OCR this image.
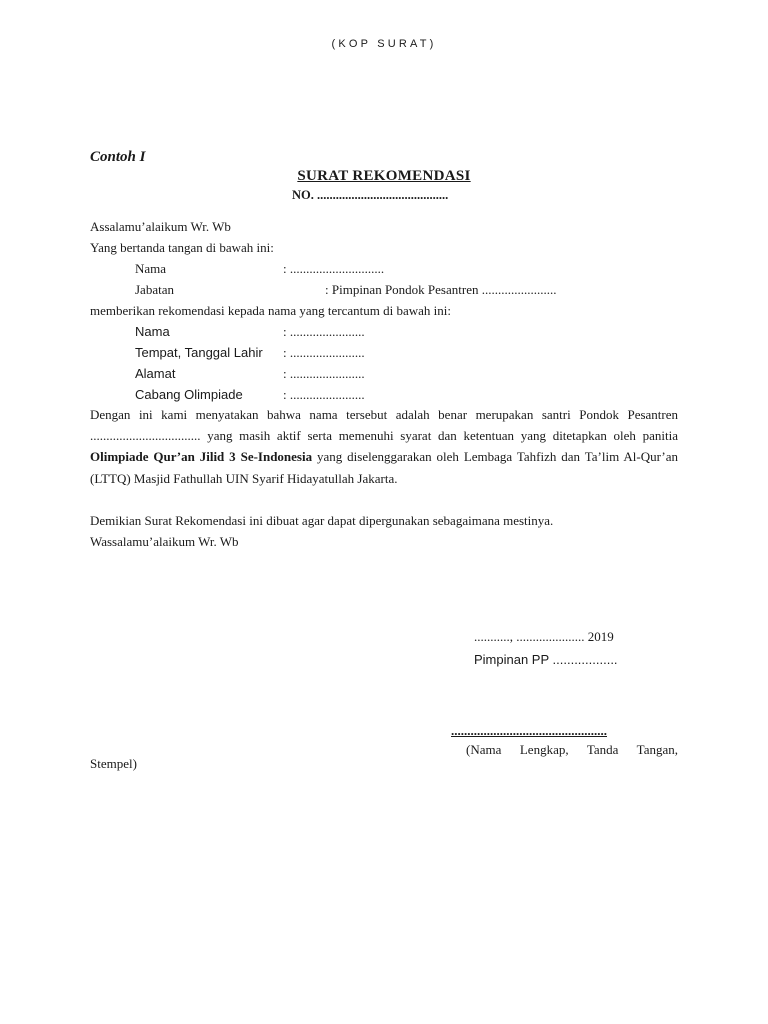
(KOP SURAT)
Contoh I
SURAT REKOMENDASI
NO. ..........................................
Assalamu’alaikum Wr. Wb
Yang bertanda tangan di bawah ini:
Nama	: .............................
Jabatan	: Pimpinan Pondok Pesantren .......................
memberikan rekomendasi kepada nama yang tercantum di bawah ini:
Nama	: .......................
Tempat, Tanggal Lahir : .......................
Alamat	: .......................
Cabang Olimpiade	: .......................
Dengan ini kami menyatakan bahwa nama tersebut adalah benar merupakan santri Pondok Pesantren .................................. yang masih aktif serta memenuhi syarat dan ketentuan yang ditetapkan oleh panitia Olimpiade Qur’an Jilid 3 Se-Indonesia yang diselenggarakan oleh Lembaga Tahfizh dan Ta’lim Al-Qur’an (LTTQ) Masjid Fathullah UIN Syarif Hidayatullah Jakarta.
Demikian Surat Rekomendasi ini dibuat agar dapat dipergunakan sebagaimana mestinya.
Wassalamu’alaikum Wr. Wb
..........., ..................... 2019
Pimpinan PP ..................
................................................
(Nama Lengkap, Tanda Tangan,
Stempel)
